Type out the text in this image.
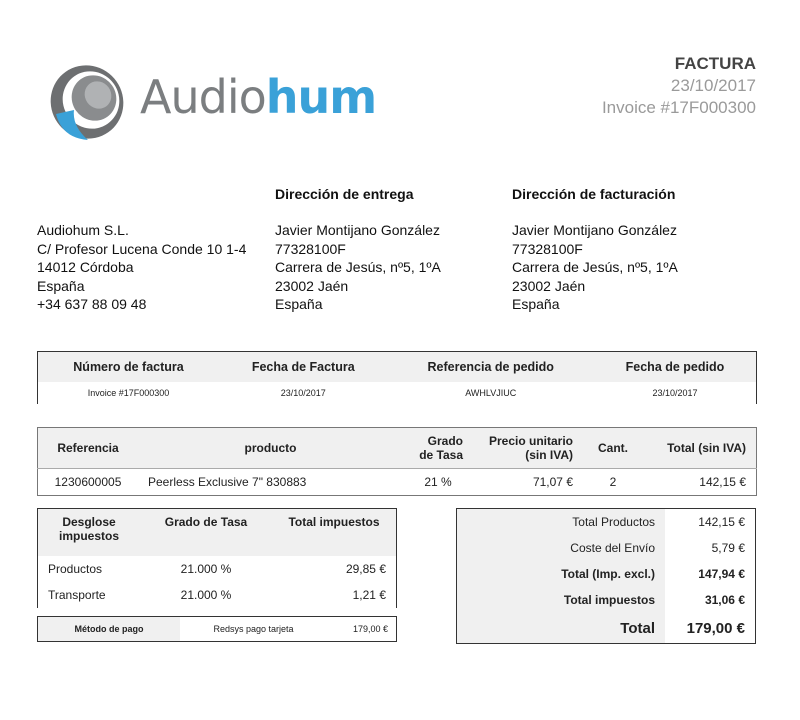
Audiohum
FACTURA
23/10/2017
Invoice #17F000300
Audiohum S.L.
C/ Profesor Lucena Conde 10 1-4
14012 Córdoba
España
+34 637 88 09 48
Dirección de entrega
Javier Montijano González
77328100F
Carrera de Jesús, nº5, 1ºA
23002 Jaén
España
Dirección de facturación
Javier Montijano González
77328100F
Carrera de Jesús, nº5, 1ºA
23002 Jaén
España
Número de factura	Fecha de Factura	Referencia de pedido	Fecha de pedido
Invoice #17F000300	23/10/2017	AWHLVJIUC	23/10/2017
Referencia	producto	Grado de Tasa	Precio unitario (sin IVA)	Cant.	Total (sin IVA)
1230600005	Peerless Exclusive 7" 830883	21 %	71,07 €	2	142,15 €
Desglose impuestos	Grado de Tasa	Total impuestos
Productos	21.000 %	29,85 €
Transporte	21.000 %	1,21 €
Método de pago	Redsys pago tarjeta	179,00 €
Total Productos	142,15 €
Coste del Envío	5,79 €
Total (Imp. excl.)	147,94 €
Total impuestos	31,06 €
Total	179,00 €
